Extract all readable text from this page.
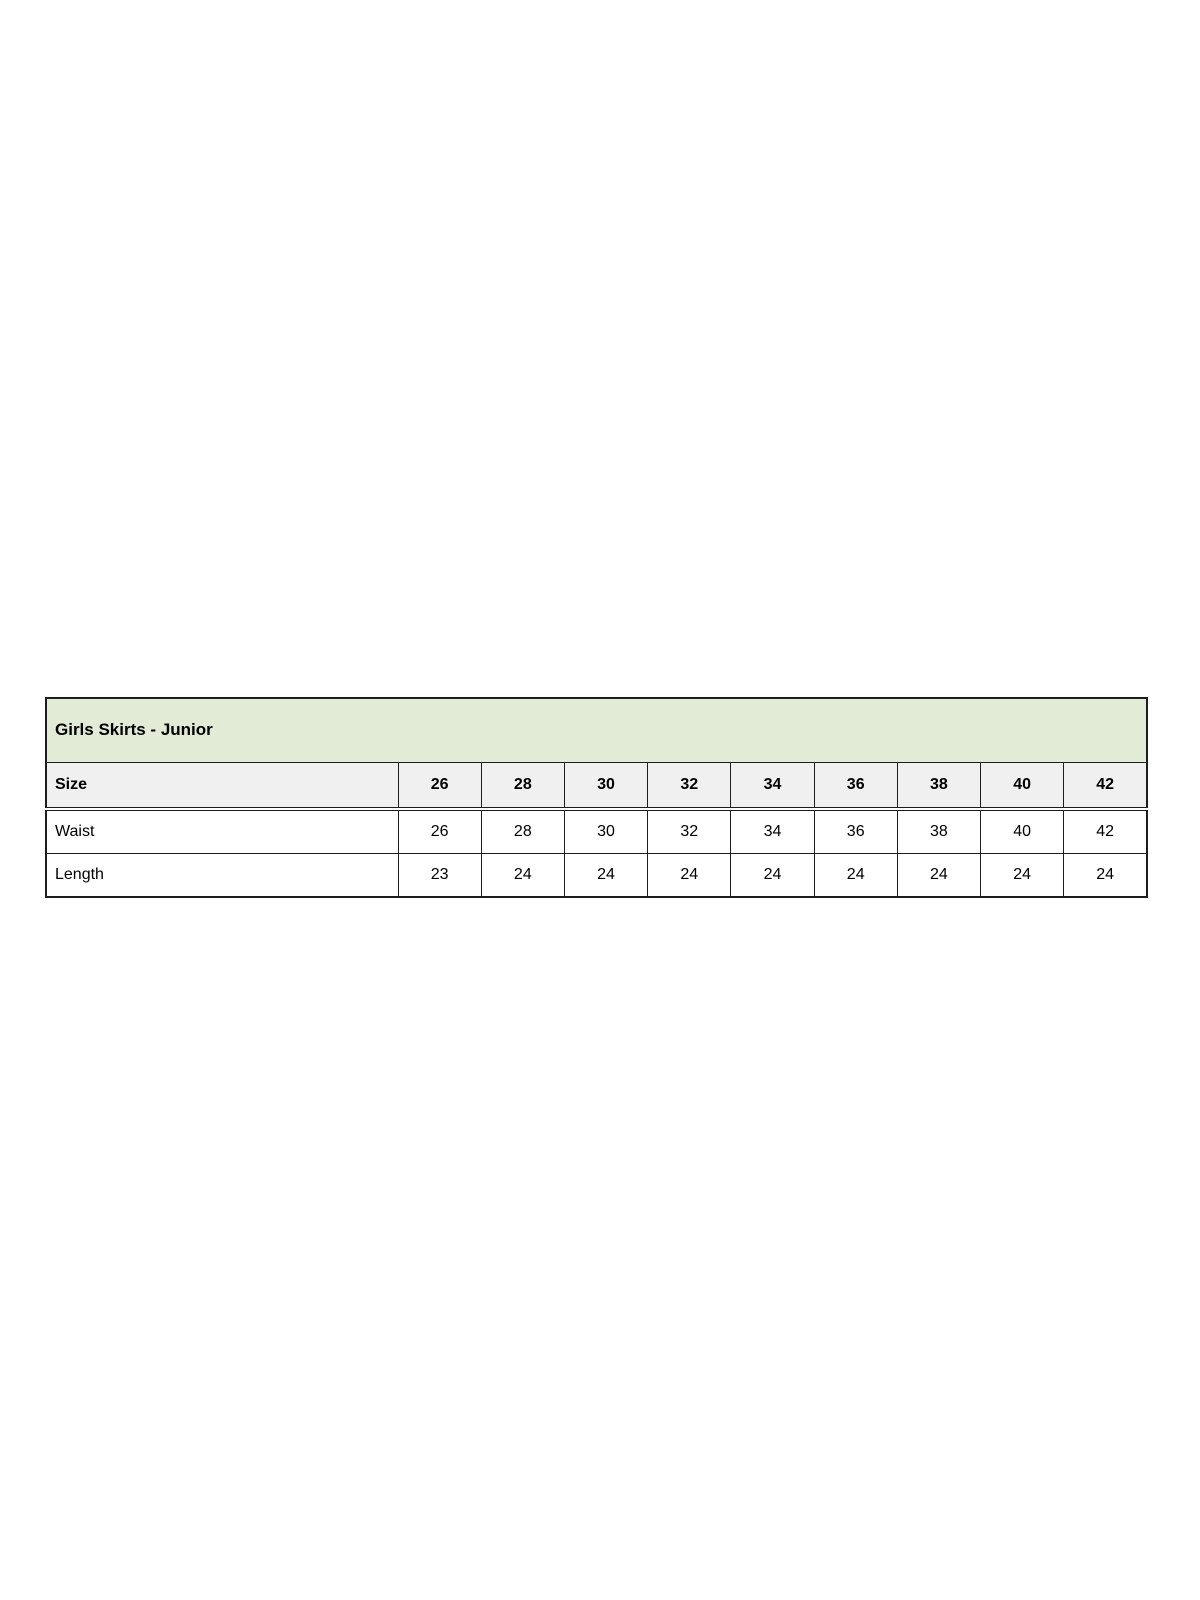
Girls Skirts - Junior									
Size	26	28	30	32	34	36	38	40	42
Waist	26	28	30	32	34	36	38	40	42
Length	23	24	24	24	24	24	24	24	24
